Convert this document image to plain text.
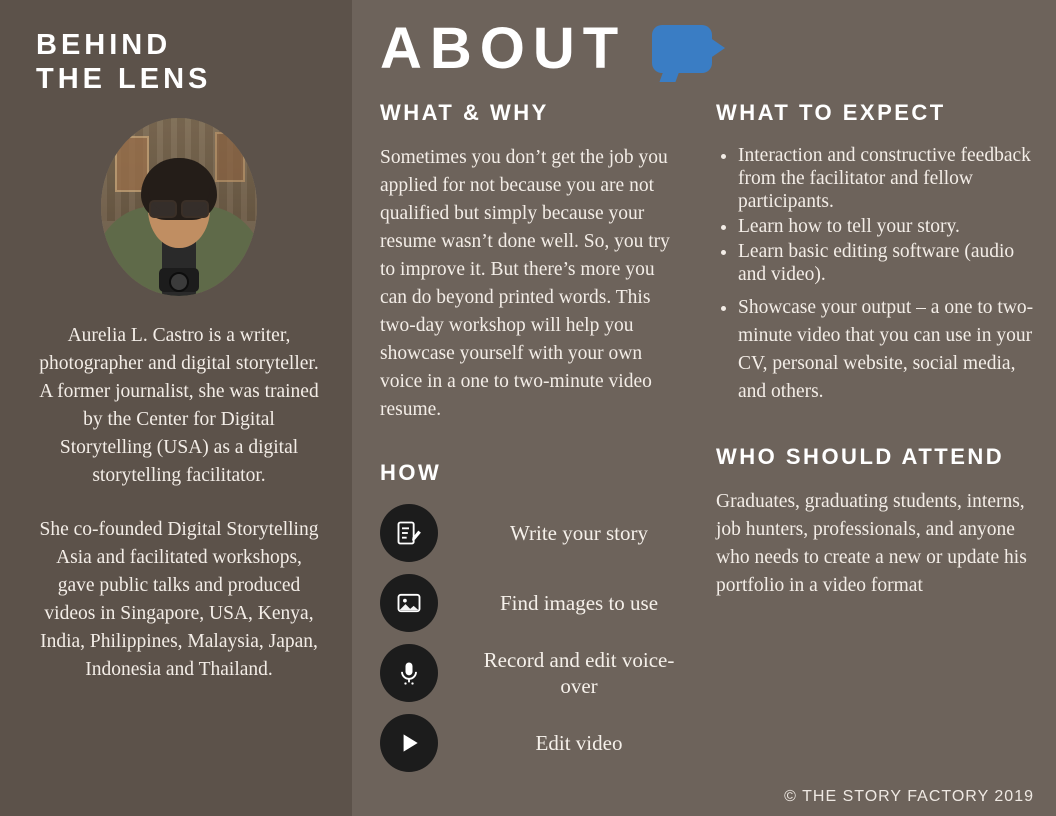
BEHIND
THE LENS

Aurelia L. Castro is a writer, photographer and digital storyteller. A former journalist, she was trained by the Center for Digital Storytelling (USA) as a digital storytelling facilitator.

She co-founded Digital Storytelling Asia and facilitated workshops, gave public talks and produced videos in Singapore, USA, Kenya, India, Philippines, Malaysia, Japan, Indonesia and Thailand.

ABOUT
WHAT & WHY

Sometimes you don’t get the job you applied for not because you are not qualified but simply because your resume wasn’t done well. So, you try to improve it. But there’s more you can do beyond printed words. This two-day workshop will help you showcase yourself with your own voice in a one to two-minute video resume.

HOW
Write your story
Find images to use
Record and edit voice-over
Edit video
WHAT TO EXPECT
• Interaction and constructive feedback from the facilitator and fellow participants.
• Learn how to tell your story.
• Learn basic editing software (audio and video).
• Showcase your output – a one to two-minute video that you can use in your CV, personal website, social media, and others.
WHO SHOULD ATTEND

Graduates, graduating students, interns, job hunters, professionals, and anyone who needs to create a new or update his portfolio in a video format

© THE STORY FACTORY 2019
